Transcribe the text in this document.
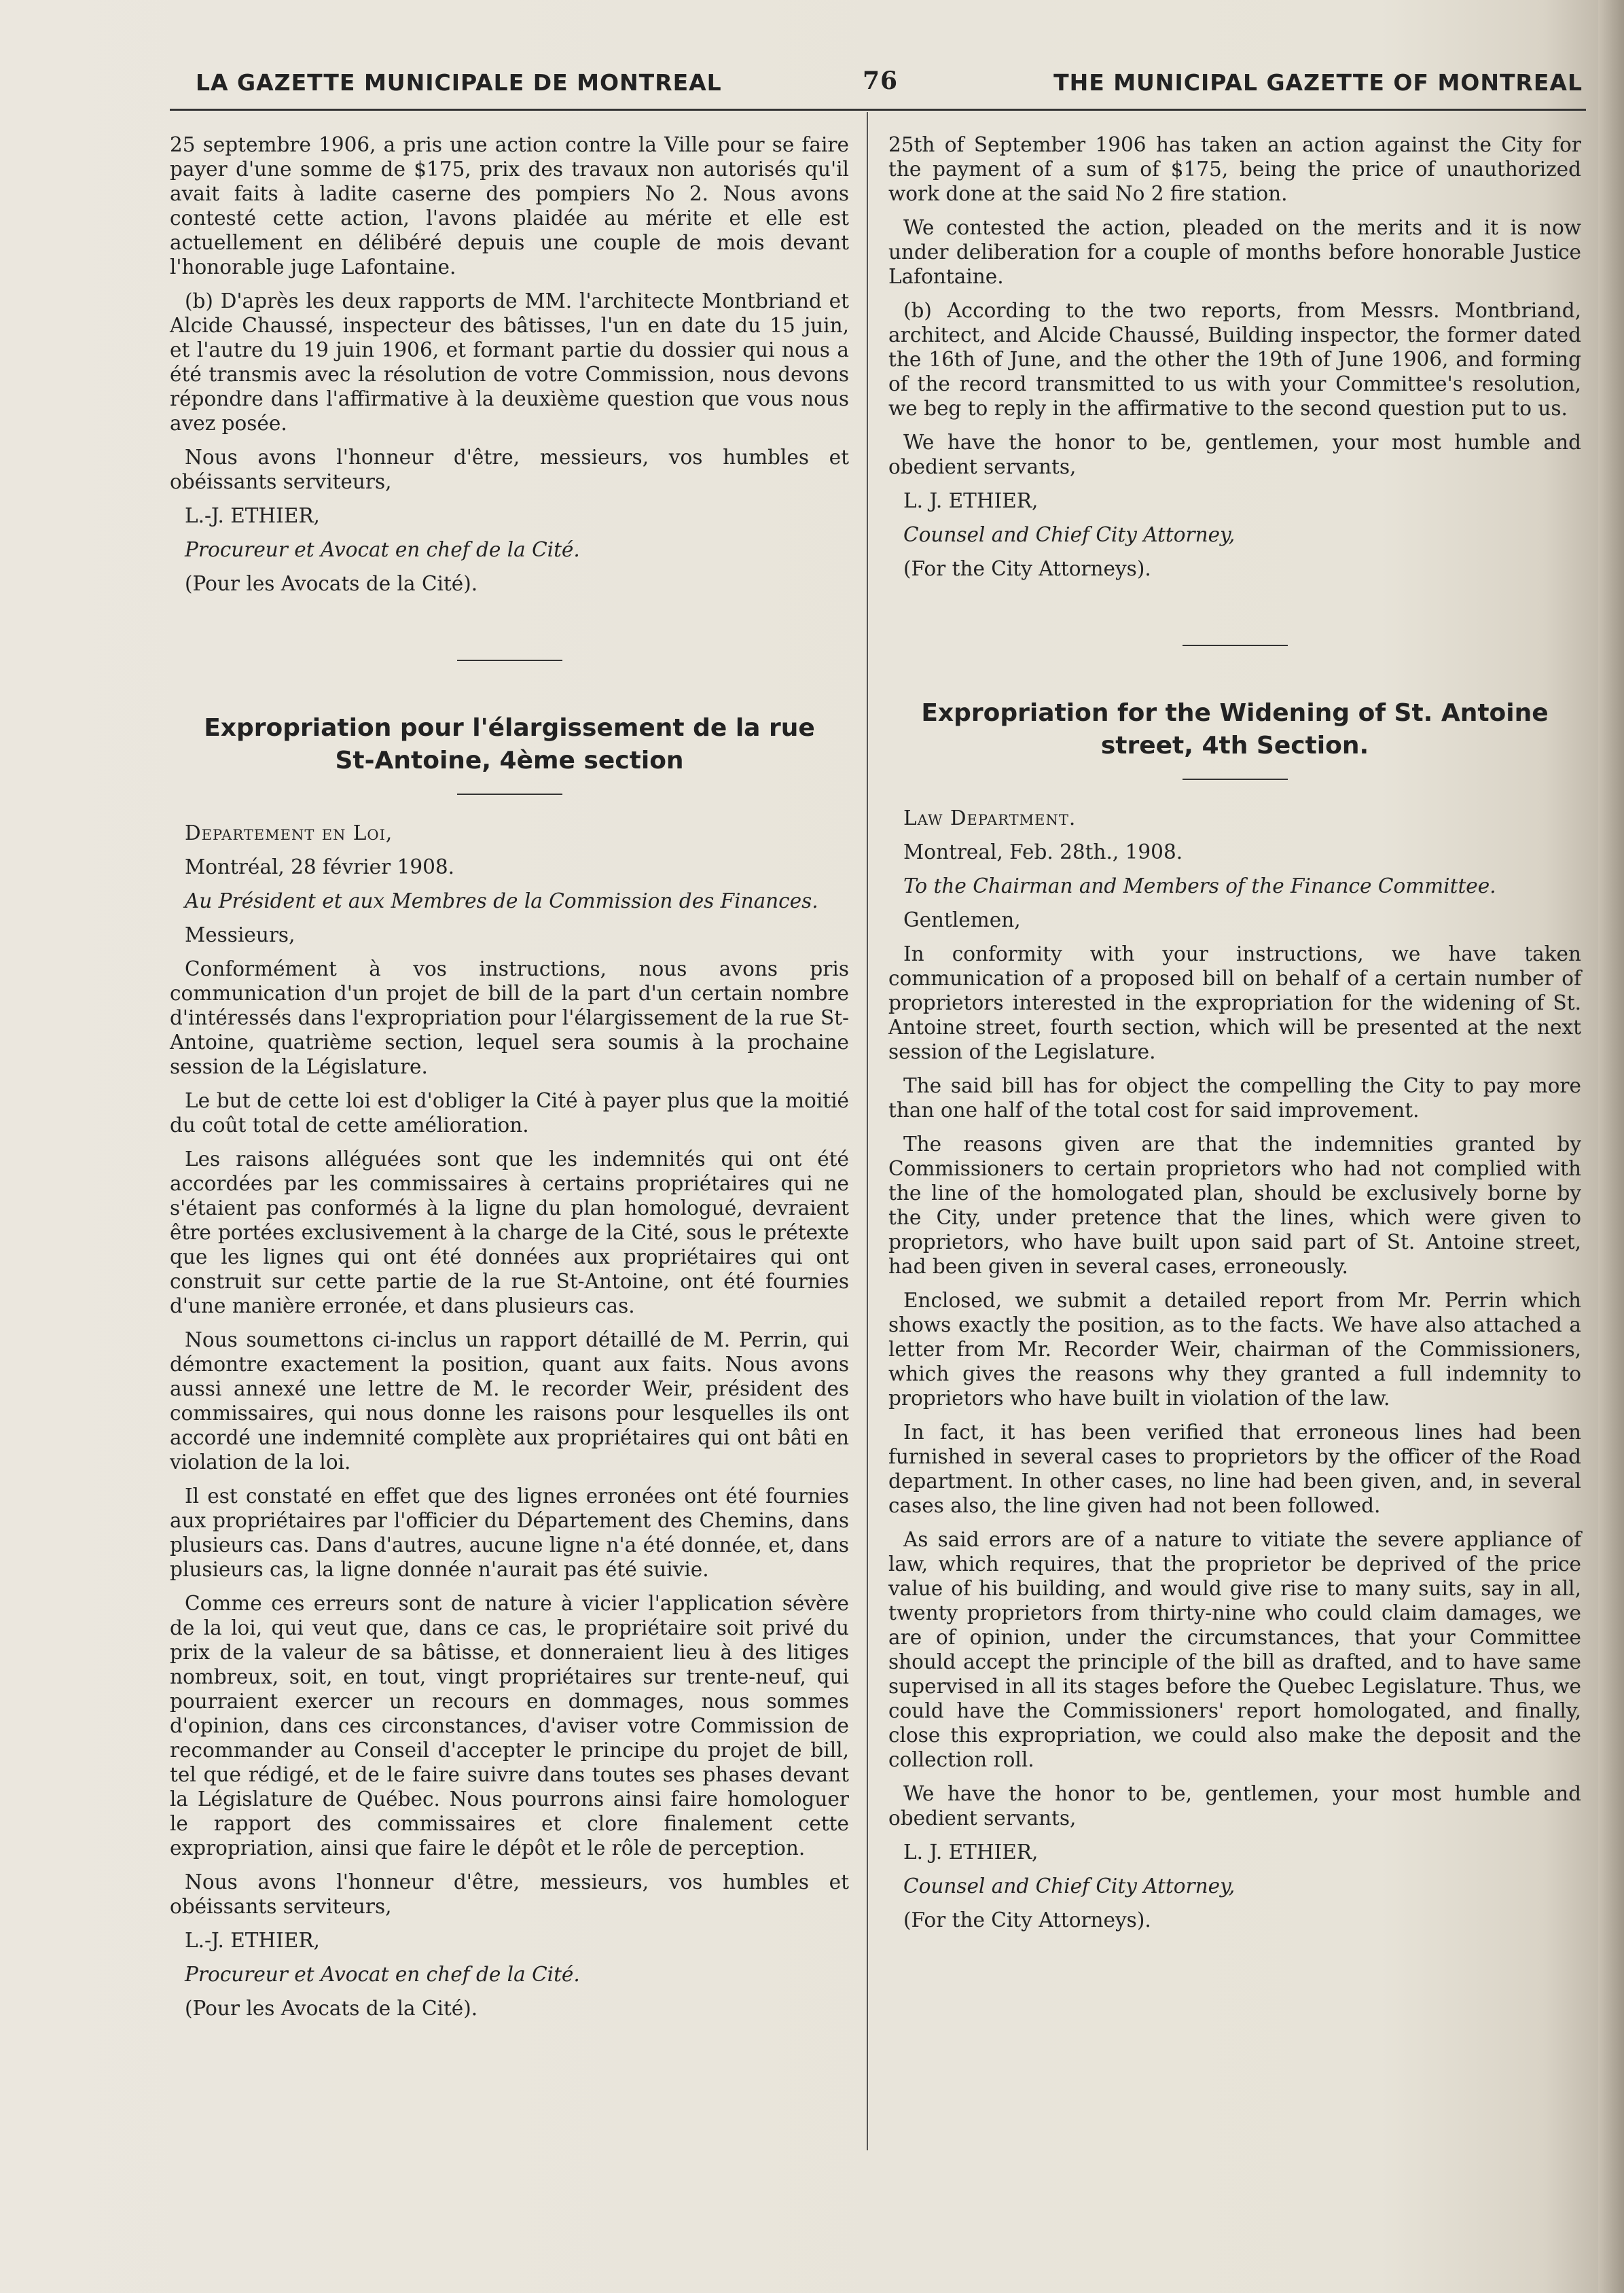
LA GAZETTE MUNICIPALE DE MONTREAL	76	THE MUNICIPAL GAZETTE OF MONTREAL

25 septembre 1906, a pris une action contre la Ville pour se faire payer d'une somme de $175, prix des travaux non autorisés qu'il avait faits à ladite caserne des pompiers No 2. Nous avons contesté cette action, l'avons plaidée au mérite et elle est actuellement en délibéré depuis une couple de mois devant l'honorable juge Lafontaine.

(b) D'après les deux rapports de MM. l'architecte Montbriand et Alcide Chaussé, inspecteur des bâtisses, l'un en date du 15 juin, et l'autre du 19 juin 1906, et formant partie du dossier qui nous a été transmis avec la résolution de votre Commission, nous devons répondre dans l'affirmative à la deuxième question que vous nous avez posée.

Nous avons l'honneur d'être, messieurs, vos humbles et obéissants serviteurs,

L.-J. ETHIER,

Procureur et Avocat en chef de la Cité.

(Pour les Avocats de la Cité).

Expropriation pour l'élargissement de la rue
St-Antoine, 4ème section

Departement en Loi,

Montréal, 28 février 1908.

Au Président et aux Membres de la Commission des Finances.

Messieurs,

Conformément à vos instructions, nous avons pris communication d'un projet de bill de la part d'un certain nombre d'intéressés dans l'expropriation pour l'élargissement de la rue St-Antoine, quatrième section, lequel sera soumis à la prochaine session de la Législature.

Le but de cette loi est d'obliger la Cité à payer plus que la moitié du coût total de cette amélioration.

Les raisons alléguées sont que les indemnités qui ont été accordées par les commissaires à certains propriétaires qui ne s'étaient pas conformés à la ligne du plan homologué, devraient être portées exclusivement à la charge de la Cité, sous le prétexte que les lignes qui ont été données aux propriétaires qui ont construit sur cette partie de la rue St-Antoine, ont été fournies d'une manière erronée, et dans plusieurs cas.

Nous soumettons ci-inclus un rapport détaillé de M. Perrin, qui démontre exactement la position, quant aux faits. Nous avons aussi annexé une lettre de M. le recorder Weir, président des commissaires, qui nous donne les raisons pour lesquelles ils ont accordé une indemnité complète aux propriétaires qui ont bâti en violation de la loi.

Il est constaté en effet que des lignes erronées ont été fournies aux propriétaires par l'officier du Département des Chemins, dans plusieurs cas. Dans d'autres, aucune ligne n'a été donnée, et, dans plusieurs cas, la ligne donnée n'aurait pas été suivie.

Comme ces erreurs sont de nature à vicier l'application sévère de la loi, qui veut que, dans ce cas, le propriétaire soit privé du prix de la valeur de sa bâtisse, et donneraient lieu à des litiges nombreux, soit, en tout, vingt propriétaires sur trente-neuf, qui pourraient exercer un recours en dommages, nous sommes d'opinion, dans ces circonstances, d'aviser votre Commission de recommander au Conseil d'accepter le principe du projet de bill, tel que rédigé, et de le faire suivre dans toutes ses phases devant la Législature de Québec. Nous pourrons ainsi faire homologuer le rapport des commissaires et clore finalement cette expropriation, ainsi que faire le dépôt et le rôle de perception.

Nous avons l'honneur d'être, messieurs, vos humbles et obéissants serviteurs,

L.-J. ETHIER,

Procureur et Avocat en chef de la Cité.

(Pour les Avocats de la Cité).

25th of September 1906 has taken an action against the City for the payment of a sum of $175, being the price of unauthorized work done at the said No 2 fire station.

We contested the action, pleaded on the merits and it is now under deliberation for a couple of months before honorable Justice Lafontaine.

(b) According to the two reports, from Messrs. Montbriand, architect, and Alcide Chaussé, Building inspector, the former dated the 16th of June, and the other the 19th of June 1906, and forming of the record transmitted to us with your Committee's resolution, we beg to reply in the affirmative to the second question put to us.

We have the honor to be, gentlemen, your most humble and obedient servants,

L. J. ETHIER,

Counsel and Chief City Attorney,

(For the City Attorneys).

Expropriation for the Widening of St. Antoine
street, 4th Section.

Law Department.

Montreal, Feb. 28th., 1908.

To the Chairman and Members of the Finance Committee.

Gentlemen,

In conformity with your instructions, we have taken communication of a proposed bill on behalf of a certain number of proprietors interested in the expropriation for the widening of St. Antoine street, fourth section, which will be presented at the next session of the Legislature.

The said bill has for object the compelling the City to pay more than one half of the total cost for said improvement.

The reasons given are that the indemnities granted by Commissioners to certain proprietors who had not complied with the line of the homologated plan, should be exclusively borne by the City, under pretence that the lines, which were given to proprietors, who have built upon said part of St. Antoine street, had been given in several cases, erroneously.

Enclosed, we submit a detailed report from Mr. Perrin which shows exactly the position, as to the facts. We have also attached a letter from Mr. Recorder Weir, chairman of the Commissioners, which gives the reasons why they granted a full indemnity to proprietors who have built in violation of the law.

In fact, it has been verified that erroneous lines had been furnished in several cases to proprietors by the officer of the Road department. In other cases, no line had been given, and, in several cases also, the line given had not been followed.

As said errors are of a nature to vitiate the severe appliance of law, which requires, that the proprietor be deprived of the price value of his building, and would give rise to many suits, say in all, twenty proprietors from thirty-nine who could claim damages, we are of opinion, under the circumstances, that your Committee should accept the principle of the bill as drafted, and to have same supervised in all its stages before the Quebec Legislature. Thus, we could have the Commissioners' report homologated, and finally, close this expropriation, we could also make the deposit and the collection roll.

We have the honor to be, gentlemen, your most humble and obedient servants,

L. J. ETHIER,

Counsel and Chief City Attorney,

(For the City Attorneys).
